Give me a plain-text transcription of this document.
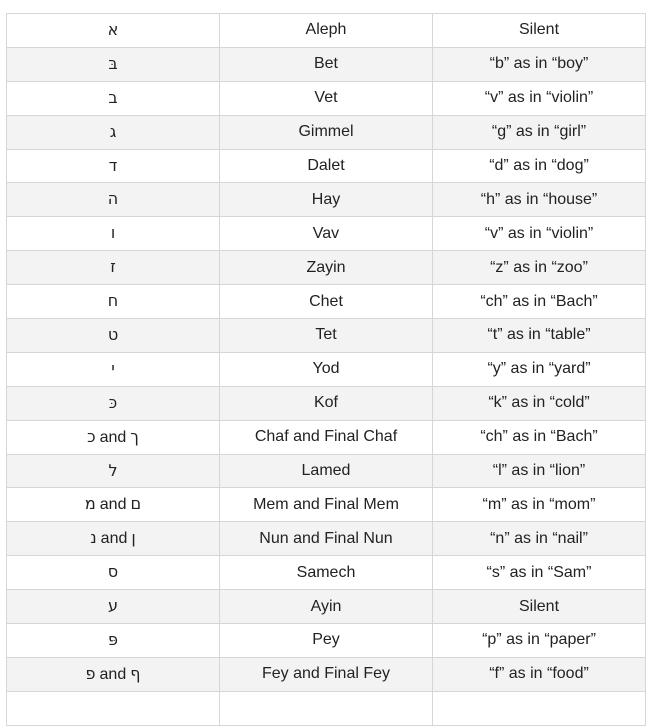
א	Aleph	Silent
בּ	Bet	“b” as in “boy”
ב	Vet	“v” as in “violin”
ג	Gimmel	“g” as in “girl”
ד	Dalet	“d” as in “dog”
ה	Hay	“h” as in “house”
ו	Vav	“v” as in “violin”
ז	Zayin	“z” as in “zoo”
ח	Chet	“ch” as in “Bach”
ט	Tet	“t” as in “table”
י	Yod	“y” as in “yard”
כּ	Kof	“k” as in “cold”
כ and ך	Chaf and Final Chaf	“ch” as in “Bach”
ל	Lamed	“l” as in “lion”
מ and ם	Mem and Final Mem	“m” as in “mom”
נ and ן	Nun and Final Nun	“n” as in “nail”
ס	Samech	“s” as in “Sam”
ע	Ayin	Silent
פּ	Pey	“p” as in “paper”
פ and ף	Fey and Final Fey	“f” as in “food”
